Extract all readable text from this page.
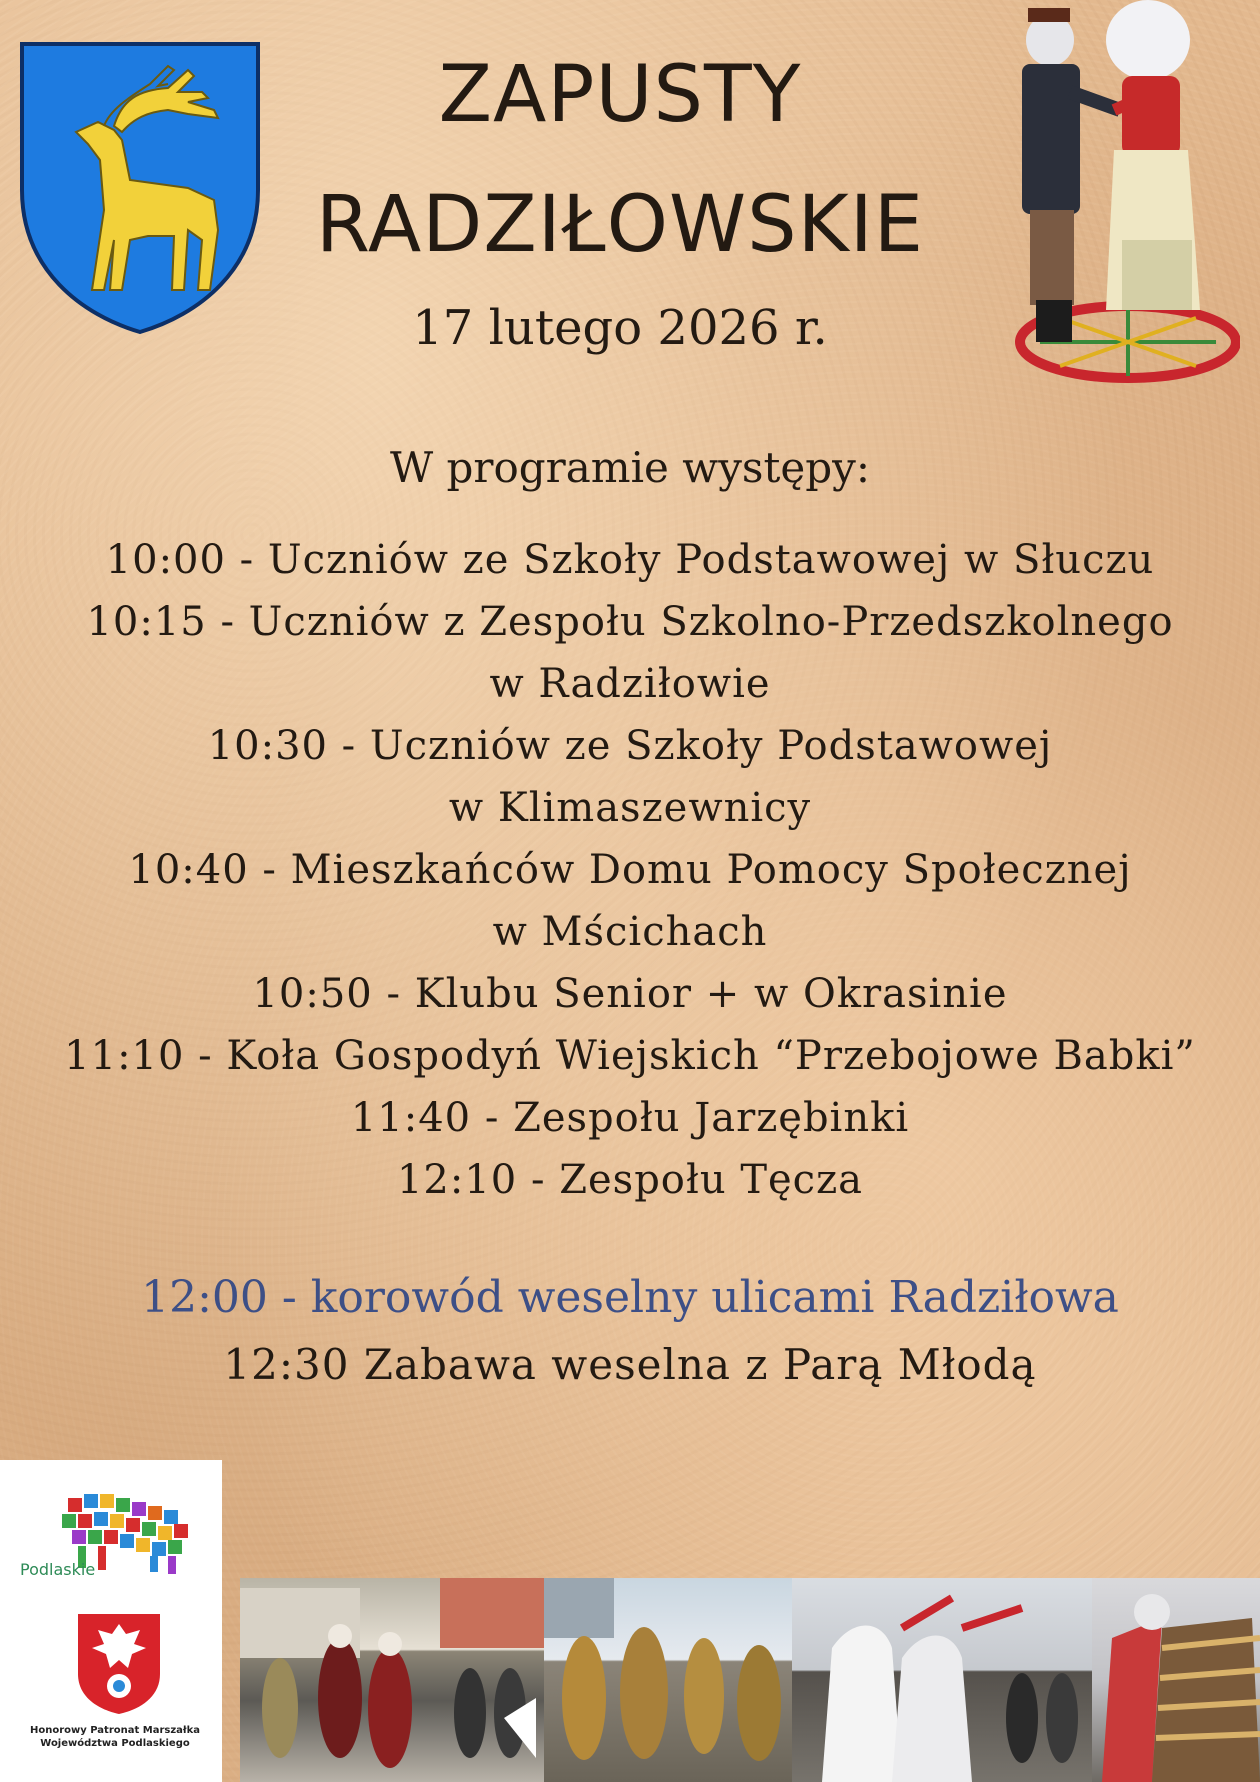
ZAPUSTY
RADZIŁOWSKIE
17 lutego 2026 r.
W programie występy:
10:00 - Uczniów ze Szkoły Podstawowej w Słuczu
10:15 - Uczniów z Zespołu Szkolno-Przedszkolnego
w Radziłowie
10:30 - Uczniów ze Szkoły Podstawowej
w Klimaszewnicy
10:40 - Mieszkańców Domu Pomocy Społecznej
w Mścichach
10:50 - Klubu Senior + w Okrasinie
11:10 - Koła Gospodyń Wiejskich “Przebojowe Babki”
11:40 - Zespołu Jarzębinki
12:10 - Zespołu Tęcza
12:00 - korowód weselny ulicami Radziłowa
12:30 Zabawa weselna z Parą Młodą
Podlaskie
Honorowy Patronat Marszałka
Województwa Podlaskiego
